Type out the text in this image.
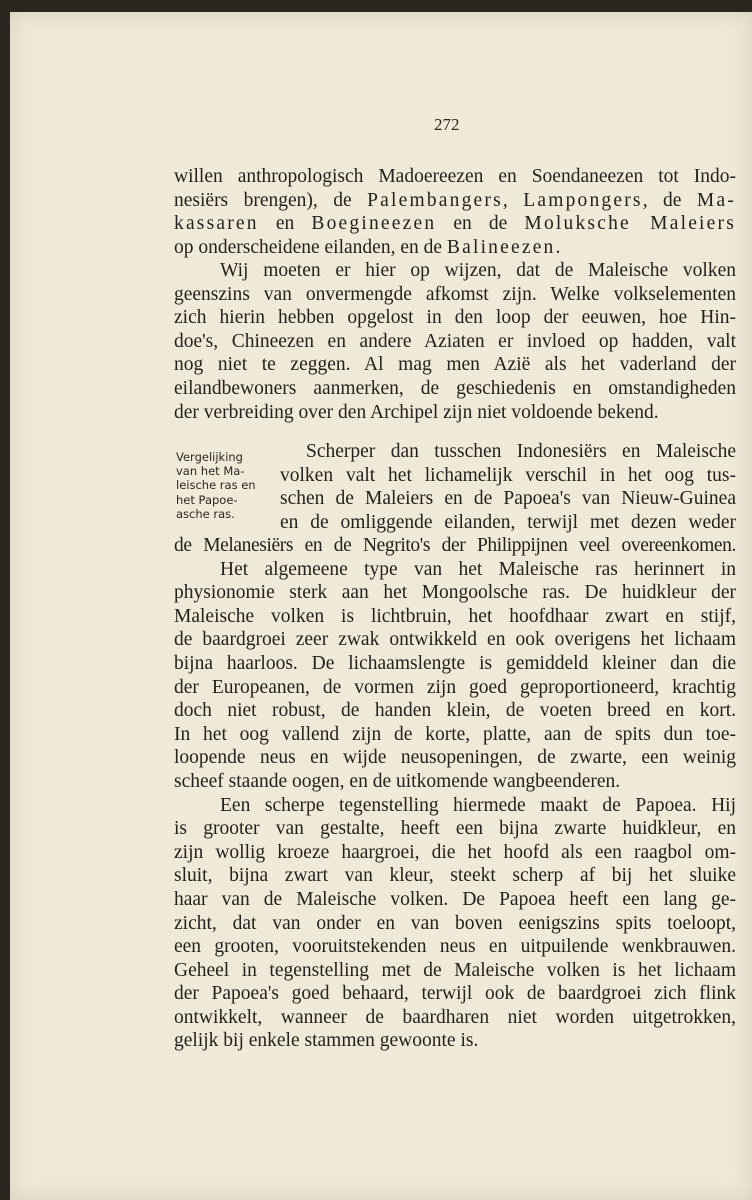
272
willen anthropologisch Madoereezen en Soendaneezen tot Indo-
nesiërs brengen), de Palembangers, Lampongers, de Ma-
kassaren en Boegineezen en de Moluksche Maleiers
op onderscheidene eilanden, en de Balineezen.
Wij moeten er hier op wijzen, dat de Maleische volken
geenszins van onvermengde afkomst zijn. Welke volkselementen
zich hierin hebben opgelost in den loop der eeuwen, hoe Hin-
doe's, Chineezen en andere Aziaten er invloed op hadden, valt
nog niet te zeggen. Al mag men Azië als het vaderland der
eilandbewoners aanmerken, de geschiedenis en omstandigheden
der verbreiding over den Archipel zijn niet voldoende bekend.
Vergelijking
van het Ma-
leische ras en
het Papoe-
asche ras.
Scherper dan tusschen Indonesiërs en Maleische
volken valt het lichamelijk verschil in het oog tus-
schen de Maleiers en de Papoea's van Nieuw-Guinea
en de omliggende eilanden, terwijl met dezen weder
de Melanesiërs en de Negrito's der Philippijnen veel overeenkomen.
Het algemeene type van het Maleische ras herinnert in
physionomie sterk aan het Mongoolsche ras. De huidkleur der
Maleische volken is lichtbruin, het hoofdhaar zwart en stijf,
de baardgroei zeer zwak ontwikkeld en ook overigens het lichaam
bijna haarloos. De lichaamslengte is gemiddeld kleiner dan die
der Europeanen, de vormen zijn goed geproportioneerd, krachtig
doch niet robust, de handen klein, de voeten breed en kort.
In het oog vallend zijn de korte, platte, aan de spits dun toe-
loopende neus en wijde neusopeningen, de zwarte, een weinig
scheef staande oogen, en de uitkomende wangbeenderen.
Een scherpe tegenstelling hiermede maakt de Papoea. Hij
is grooter van gestalte, heeft een bijna zwarte huidkleur, en
zijn wollig kroeze haargroei, die het hoofd als een raagbol om-
sluit, bijna zwart van kleur, steekt scherp af bij het sluike
haar van de Maleische volken. De Papoea heeft een lang ge-
zicht, dat van onder en van boven eenigszins spits toeloopt,
een grooten, vooruitstekenden neus en uitpuilende wenkbrauwen.
Geheel in tegenstelling met de Maleische volken is het lichaam
der Papoea's goed behaard, terwijl ook de baardgroei zich flink
ontwikkelt, wanneer de baardharen niet worden uitgetrokken,
gelijk bij enkele stammen gewoonte is.
